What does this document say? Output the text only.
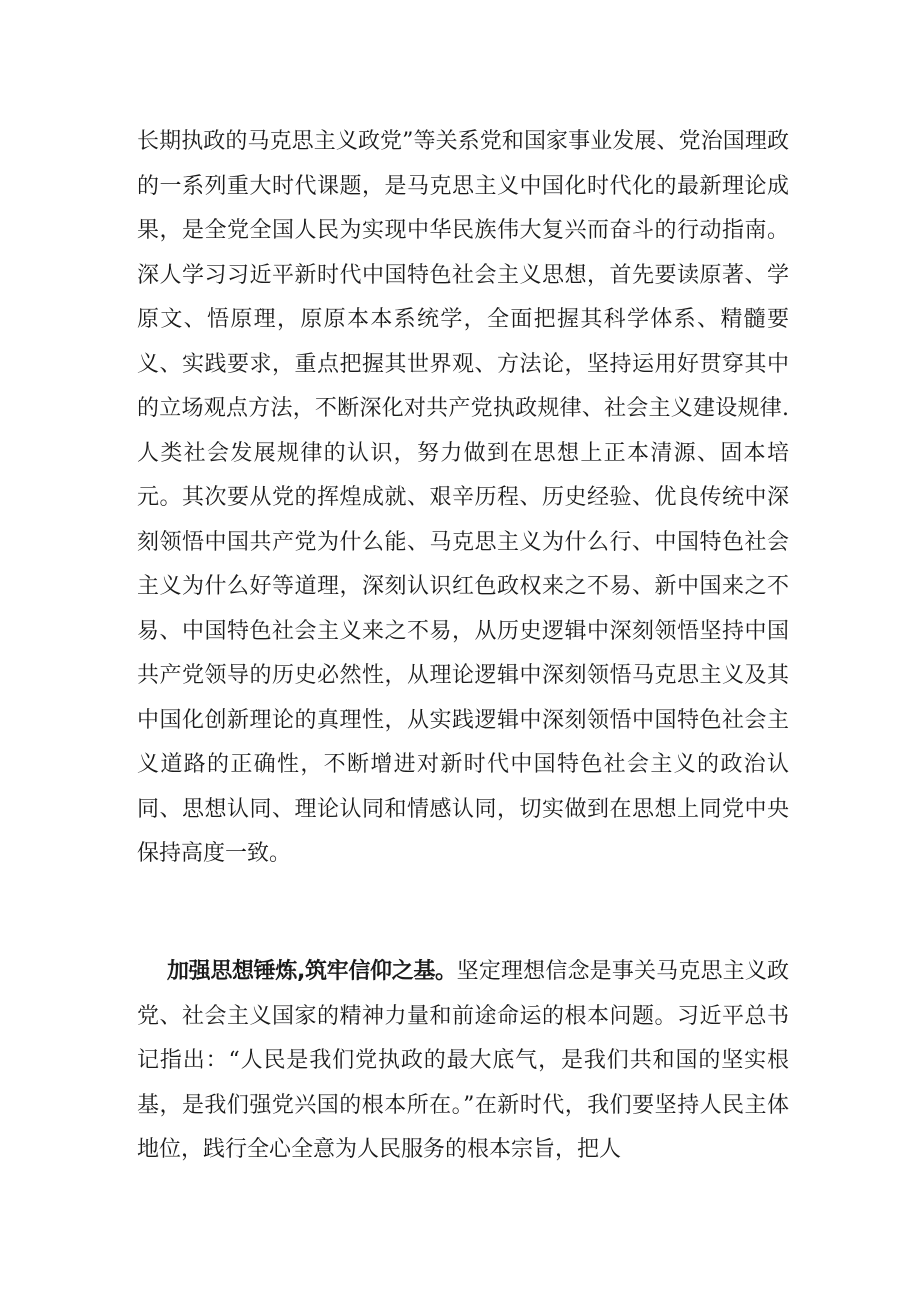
长期执政的马克思主义政党”等关系党和国家事业发展、党治国理政的一系列重大时代课题，是马克思主义中国化时代化的最新理论成果，是全党全国人民为实现中华民族伟大复兴而奋斗的行动指南。深人学习习近平新时代中国特色社会主义思想，首先要读原著、学原文、悟原理，原原本本系统学，全面把握其科学体系、精髓要义、实践要求，重点把握其世界观、方法论，坚持运用好贯穿其中的立场观点方法，不断深化对共产党执政规律、社会主义建设规律.人类社会发展规律的认识，努力做到在思想上正本清源、固本培元。其次要从党的挥煌成就、艰辛历程、历史经验、优良传统中深刻领悟中国共产党为什么能、马克思主义为什么行、中国特色社会主义为什么好等道理，深刻认识红色政权来之不易、新中国来之不易、中国特色社会主义来之不易，从历史逻辑中深刻领悟坚持中国共产党领导的历史必然性，从理论逻辑中深刻领悟马克思主义及其中国化创新理论的真理性，从实践逻辑中深刻领悟中国特色社会主义道路的正确性，不断增进对新时代中国特色社会主义的政治认同、思想认同、理论认同和情感认同，切实做到在思想上同党中央保持高度一致。

加强思想锤炼,筑牢信仰之基。坚定理想信念是事关马克思主义政党、社会主义国家的精神力量和前途命运的根本问题。习近平总书记指出：“人民是我们党执政的最大底气，是我们共和国的坚实根基，是我们强党兴国的根本所在。”在新时代，我们要坚持人民主体地位，践行全心全意为人民服务的根本宗旨，把人
